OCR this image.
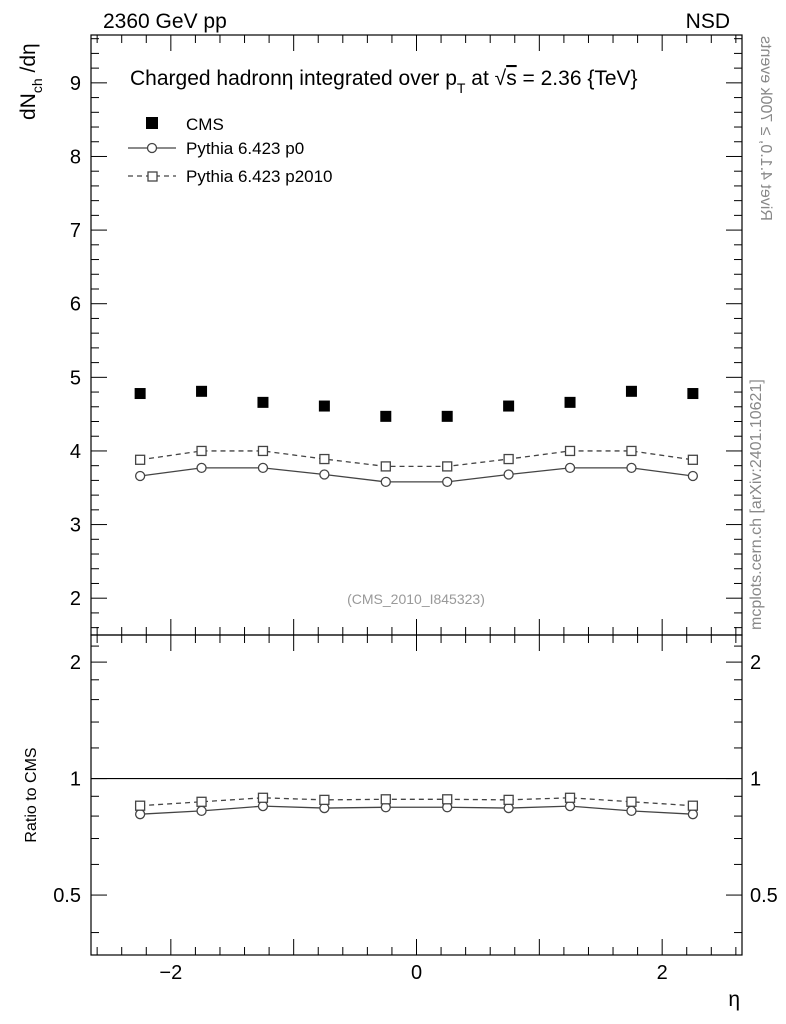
2360 GeV pp	NSD
2
3
4
5
6
7
8
9
0.5	0.5
1	1
2	2
−2	0	2
Charged hadronη integrated over $p_T$ at √s = 2.36 {TeV}
CMS
Pythia 6.423 p0
Pythia 6.423 p2010
(CMS_2010_I845323)
$dN_{ch}$ /dη
Ratio to CMS
η
Rivet 4.1.0, ≥ 700k events
mcplots.cern.ch [arXiv:2401.10621]
